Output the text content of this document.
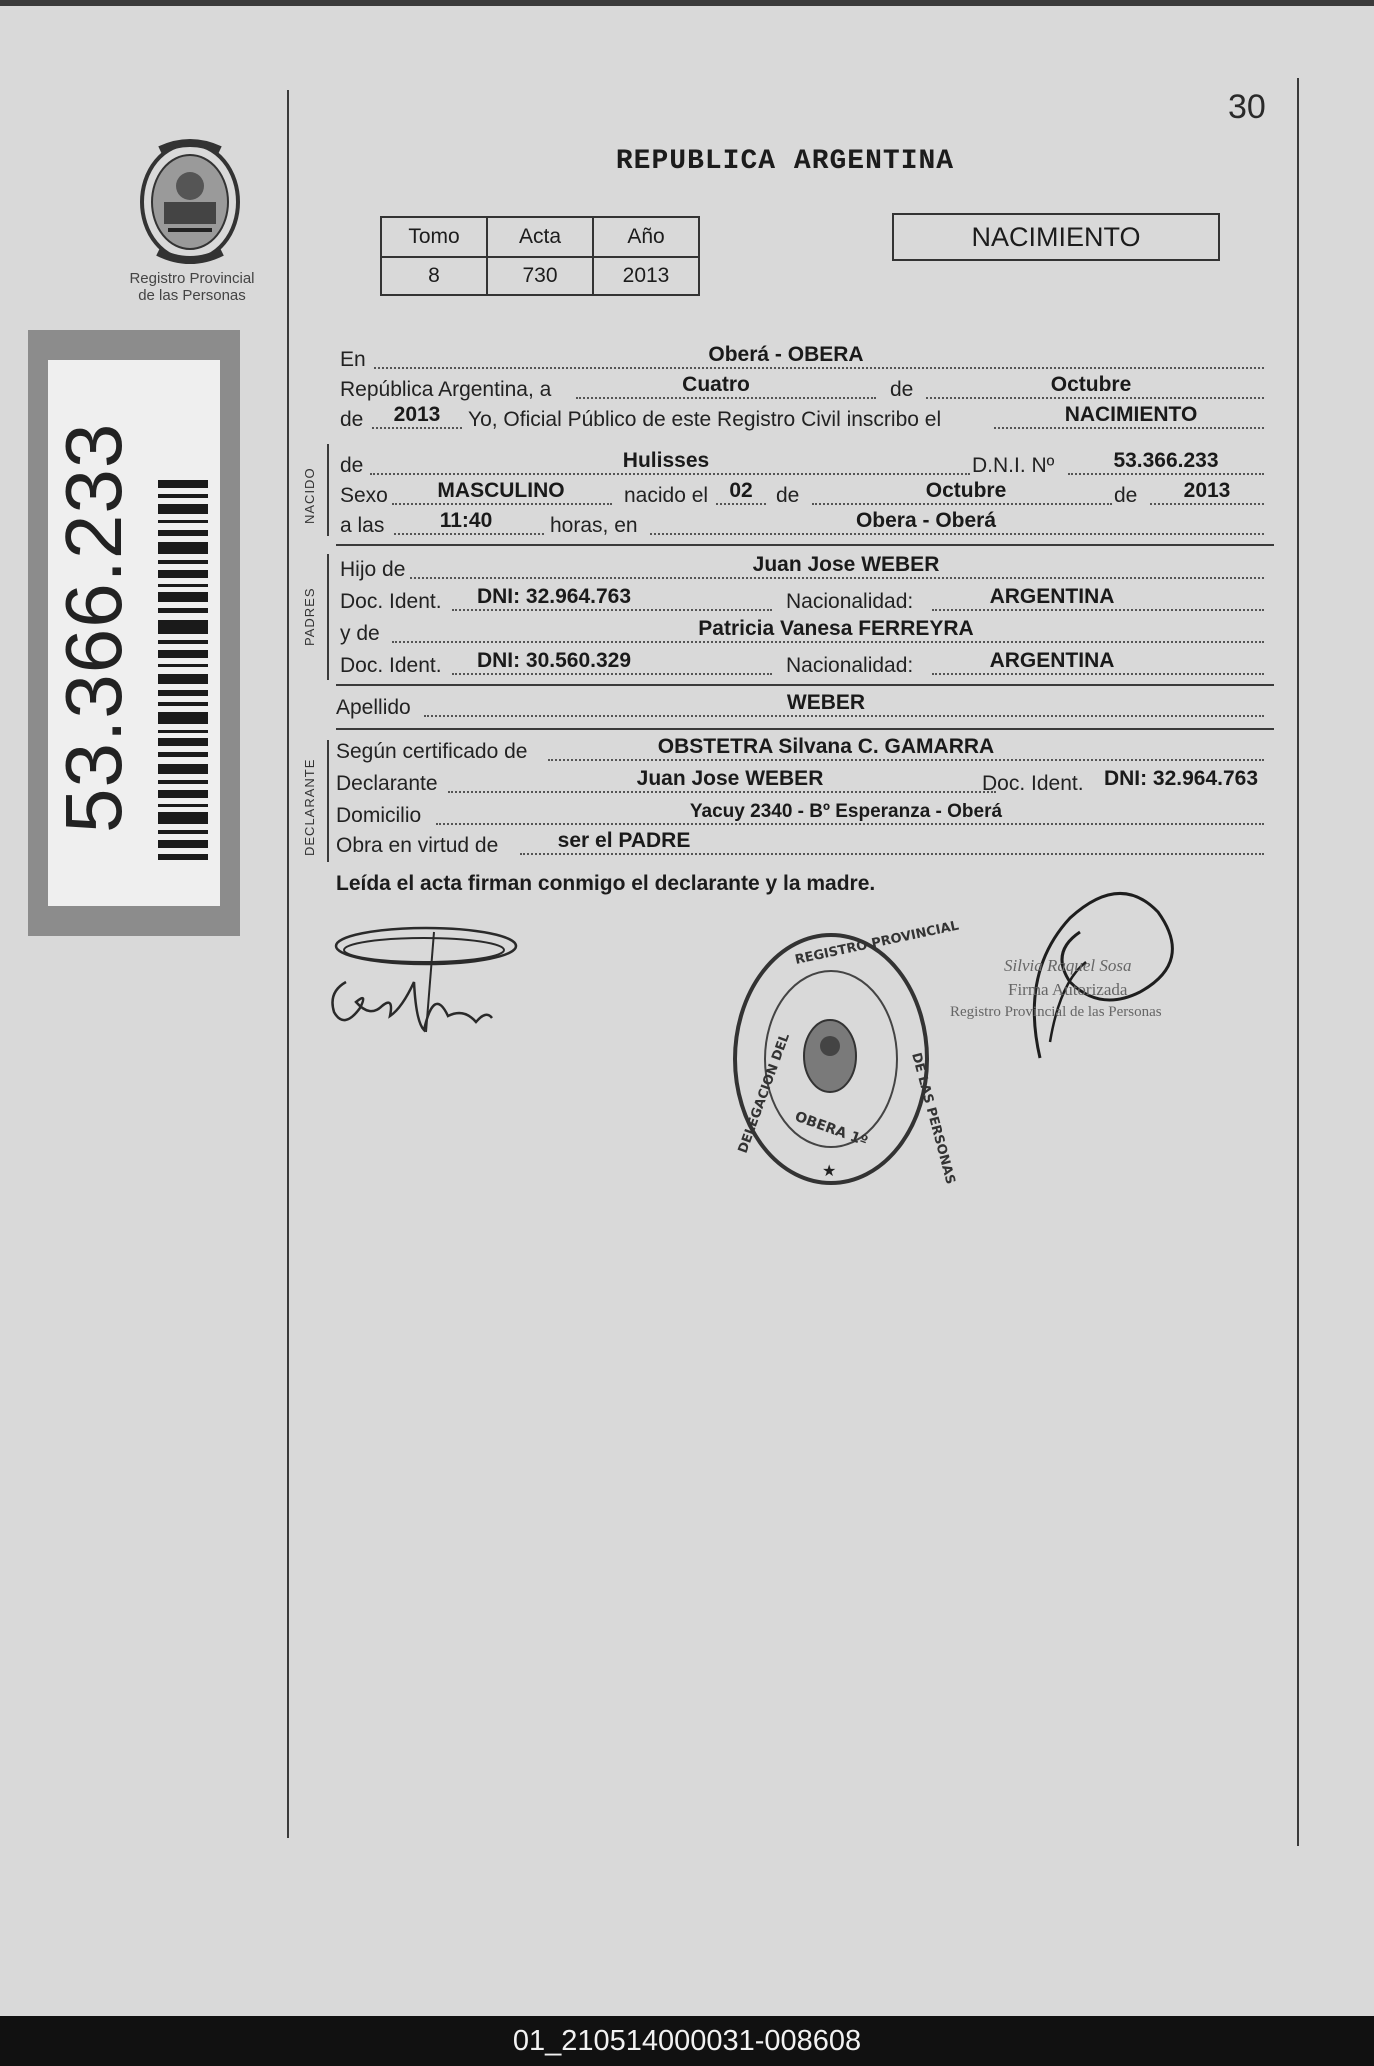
30
REPUBLICA ARGENTINA
Registro Provincial
de las Personas
53.366.233
Tomo	Acta	Año
8	730	2013
NACIMIENTO
En	Oberá - OBERA
República Argentina, a	Cuatro	de	Octubre
de	2013	Yo, Oficial Público de este Registro Civil inscribo el	NACIMIENTO
NACIDO
de	Hulisses	D.N.I. Nº	53.366.233
Sexo	MASCULINO	nacido el	02	de	Octubre	de	2013
a las	11:40	horas, en	Obera - Oberá
PADRES
Hijo de	Juan Jose WEBER
Doc. Ident.	DNI: 32.964.763	Nacionalidad:	ARGENTINA
y de	Patricia Vanesa FERREYRA
Doc. Ident.	DNI: 30.560.329	Nacionalidad:	ARGENTINA
Apellido	WEBER
DECLARANTE
Según certificado de	OBSTETRA Silvana C. GAMARRA
Declarante	Juan Jose WEBER	Doc. Ident. DNI: 32.964.763
Domicilio	Yacuy 2340 - Bº Esperanza - Oberá
Obra en virtud de	ser el PADRE
Leída el acta firman conmigo el declarante y la madre.
DELEGACION DEL
REGISTRO PROVINCIAL
DE LAS PERSONAS
OBERA 1º
★
Silvia Raquel Sosa
Firma Autorizada
Registro Provincial de las Personas
01_210514000031-008608
